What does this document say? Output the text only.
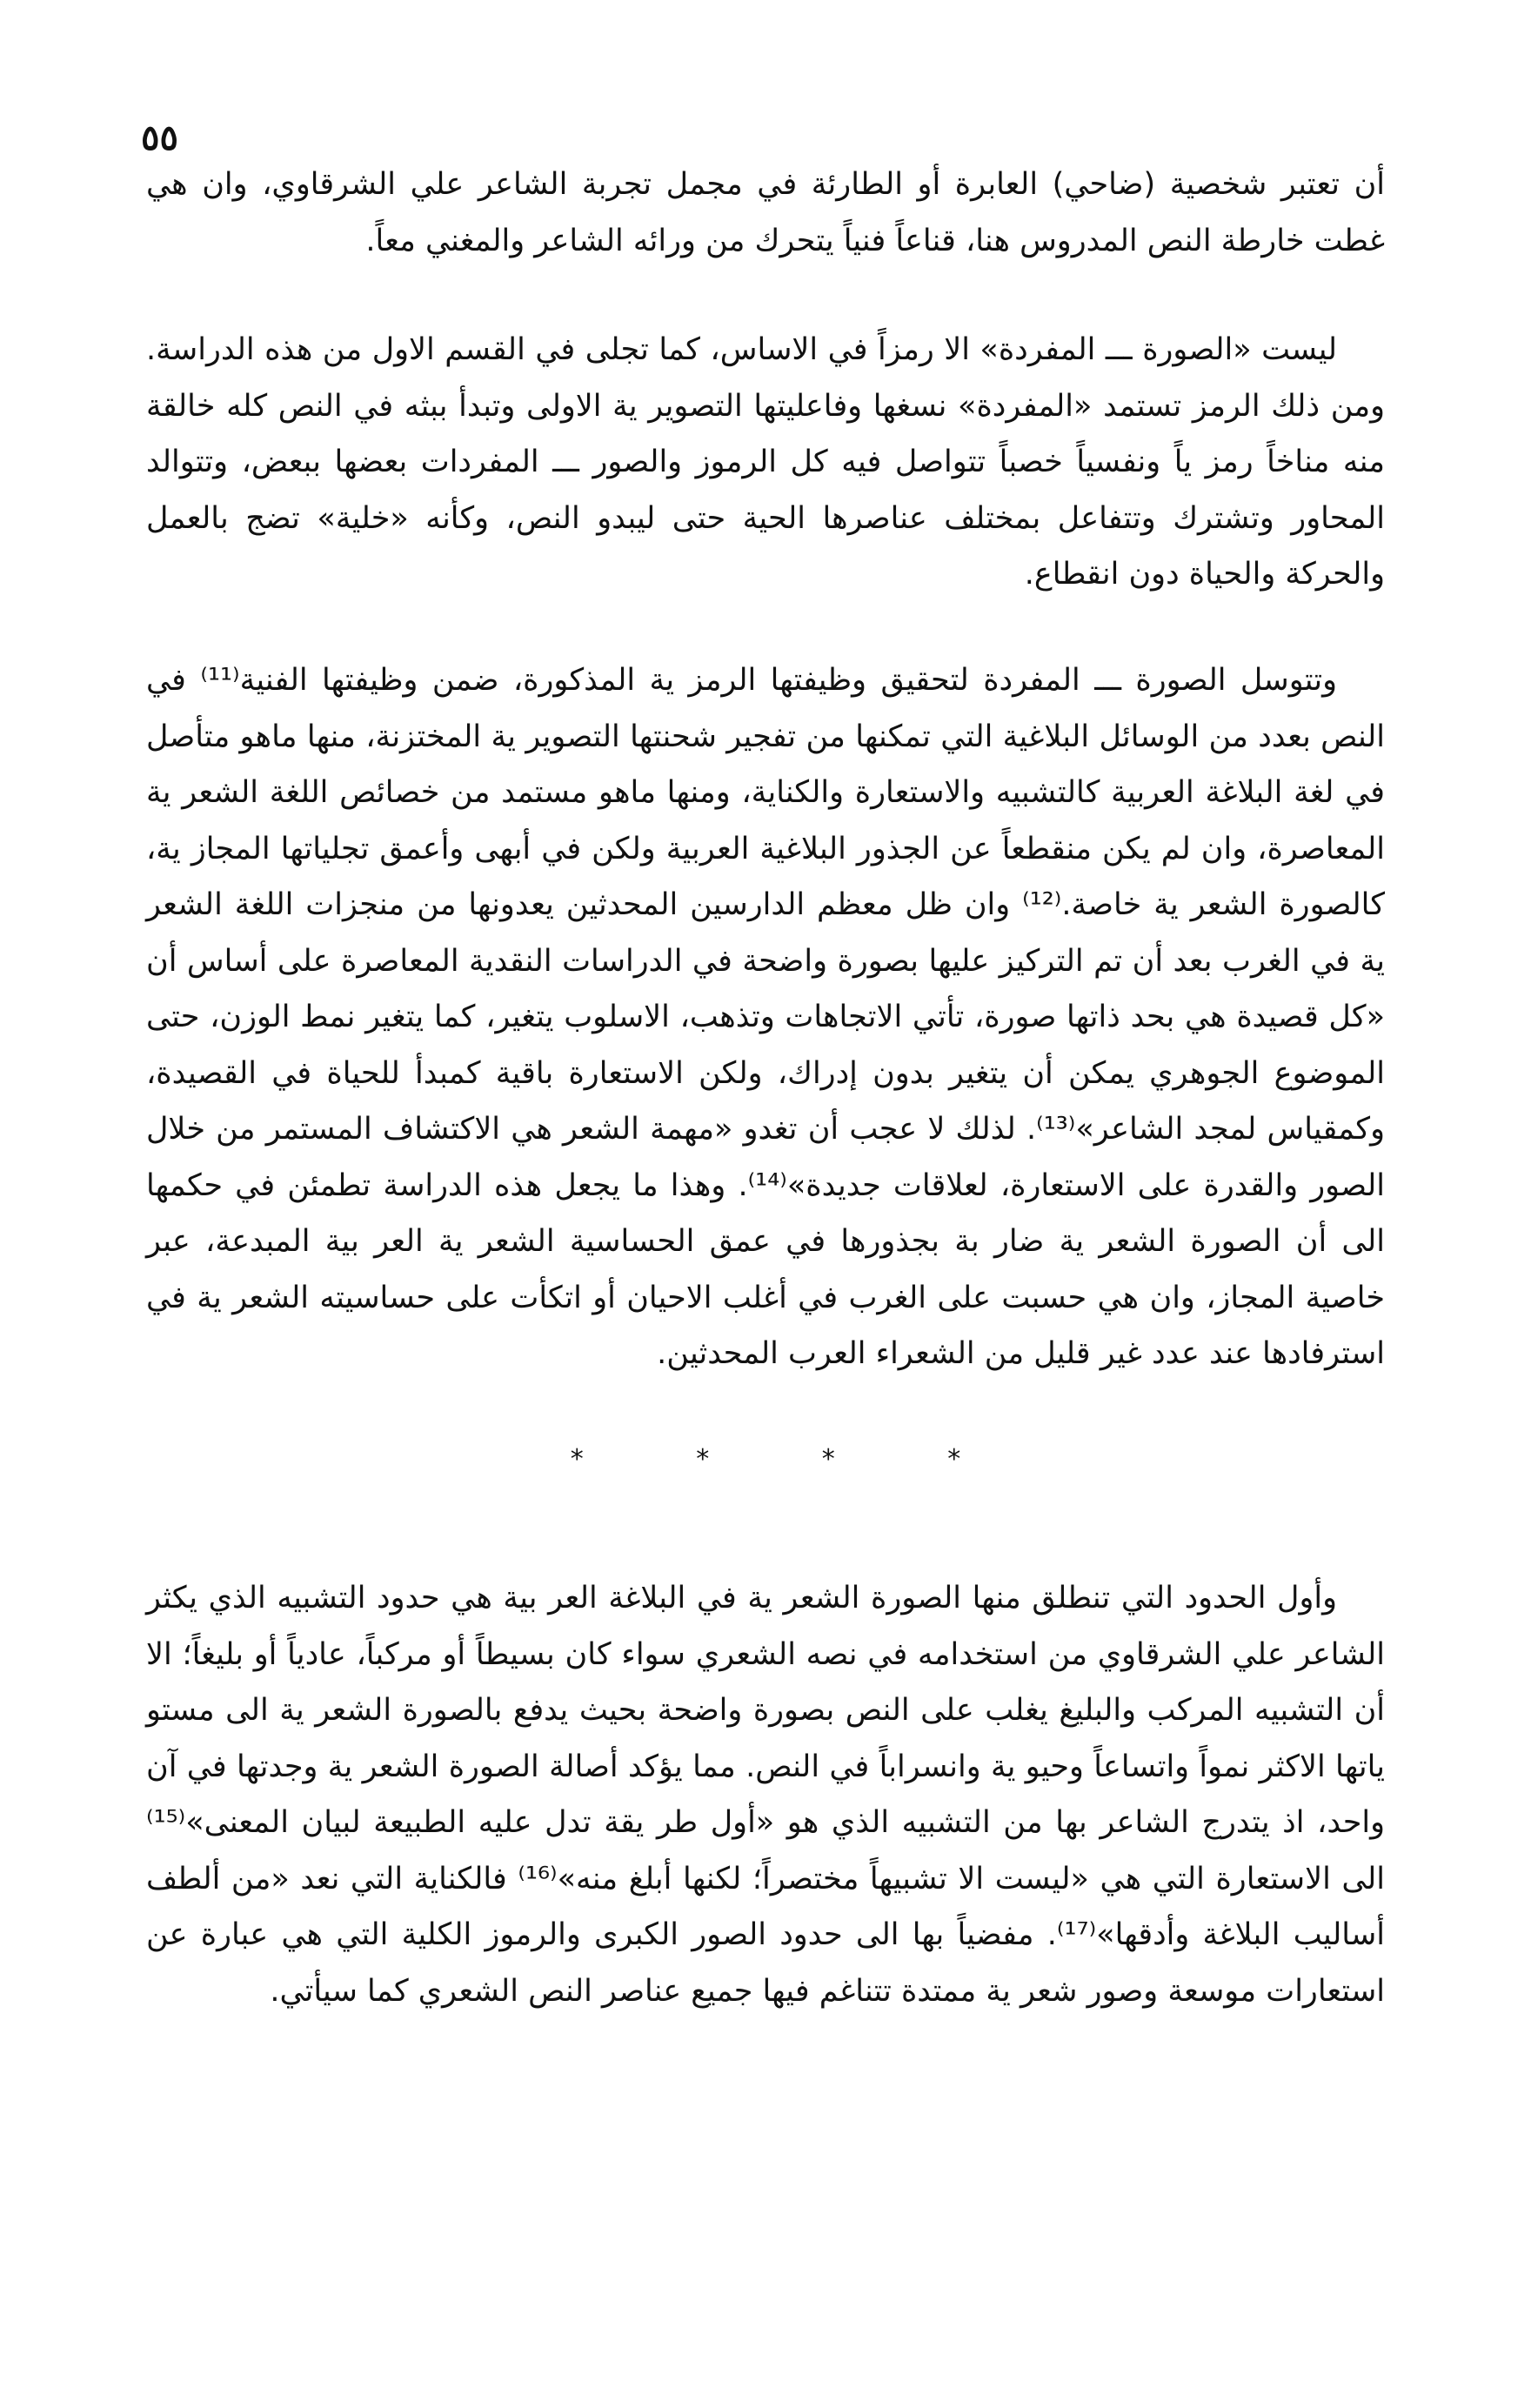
٥٥

أن تعتبر شخصية (ضاحي) العابرة أو الطارئة في مجمل تجربة الشاعر علي الشرقاوي، وان هي غطت خارطة النص المدروس هنا، قناعاً فنياً يتحرك من ورائه الشاعر والمغني معاً.

ليست «الصورة ـــ المفردة» الا رمزاً في الاساس، كما تجلى في القسم الاول من هذه الدراسة. ومن ذلك الرمز تستمد «المفردة» نسغها وفاعليتها التصوير ية الاولى وتبدأ ببثه في النص كله خالقة منه مناخاً رمز ياً ونفسياً خصباً تتواصل فيه كل الرموز والصور ـــ المفردات بعضها ببعض، وتتوالد المحاور وتشترك وتتفاعل بمختلف عناصرها الحية حتى ليبدو النص، وكأنه «خلية» تضج بالعمل والحركة والحياة دون انقطاع.

وتتوسل الصورة ـــ المفردة لتحقيق وظيفتها الرمز ية المذكورة، ضمن وظيفتها الفنية⁽¹¹⁾ في النص بعدد من الوسائل البلاغية التي تمكنها من تفجير شحنتها التصوير ية المختزنة، منها ماهو متأصل في لغة البلاغة العربية كالتشبيه والاستعارة والكناية، ومنها ماهو مستمد من خصائص اللغة الشعر ية المعاصرة، وان لم يكن منقطعاً عن الجذور البلاغية العربية ولكن في أبهى وأعمق تجلياتها المجاز ية، كالصورة الشعر ية خاصة.⁽¹²⁾ وان ظل معظم الدارسين المحدثين يعدونها من منجزات اللغة الشعر ية في الغرب بعد أن تم التركيز عليها بصورة واضحة في الدراسات النقدية المعاصرة على أساس أن «كل قصيدة هي بحد ذاتها صورة، تأتي الاتجاهات وتذهب، الاسلوب يتغير، كما يتغير نمط الوزن، حتى الموضوع الجوهري يمكن أن يتغير بدون إدراك، ولكن الاستعارة باقية كمبدأ للحياة في القصيدة، وكمقياس لمجد الشاعر»⁽¹³⁾. لذلك لا عجب أن تغدو «مهمة الشعر هي الاكتشاف المستمر من خلال الصور والقدرة على الاستعارة، لعلاقات جديدة»⁽¹⁴⁾. وهذا ما يجعل هذه الدراسة تطمئن في حكمها الى أن الصورة الشعر ية ضار بة بجذورها في عمق الحساسية الشعر ية العر بية المبدعة، عبر خاصية المجاز، وان هي حسبت على الغرب في أغلب الاحيان أو اتكأت على حساسيته الشعر ية في استرفادها عند عدد غير قليل من الشعراء العرب المحدثين.

* * * *

وأول الحدود التي تنطلق منها الصورة الشعر ية في البلاغة العر بية هي حدود التشبيه الذي يكثر الشاعر علي الشرقاوي من استخدامه في نصه الشعري سواء كان بسيطاً أو مركباً، عادياً أو بليغاً؛ الا أن التشبيه المركب والبليغ يغلب على النص بصورة واضحة بحيث يدفع بالصورة الشعر ية الى مستو ياتها الاكثر نمواً واتساعاً وحيو ية وانسراباً في النص. مما يؤكد أصالة الصورة الشعر ية وجدتها في آن واحد، اذ يتدرج الشاعر بها من التشبيه الذي هو «أول طر يقة تدل عليه الطبيعة لبيان المعنى»⁽¹⁵⁾ الى الاستعارة التي هي «ليست الا تشبيهاً مختصراً؛ لكنها أبلغ منه»⁽¹⁶⁾ فالكناية التي نعد «من ألطف أساليب البلاغة وأدقها»⁽¹⁷⁾. مفضياً بها الى حدود الصور الكبرى والرموز الكلية التي هي عبارة عن استعارات موسعة وصور شعر ية ممتدة تتناغم فيها جميع عناصر النص الشعري كما سيأتي.
